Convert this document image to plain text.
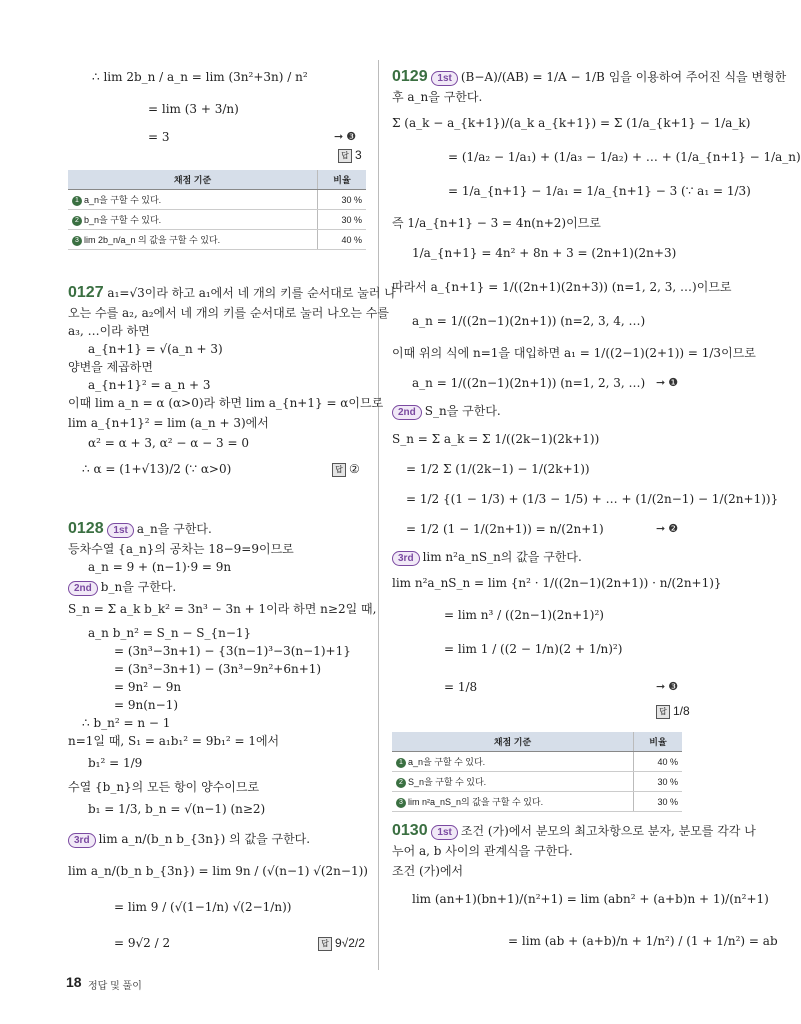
∴ lim 2b_n / a_n = lim (3n²+3n) / n²
= lim (3 + 3/n)
= 3	➞ ❸
답 3
채점 기준	비율
1 a_n을 구할 수 있다.	30 %
2 b_n을 구할 수 있다.	30 %
3 lim 2b_n/a_n 의 값을 구할 수 있다.	40 %
0127 a₁=√3이라 하고 a₁에서 네 개의 키를 순서대로 눌러 나
오는 수를 a₂, a₂에서 네 개의 키를 순서대로 눌러 나오는 수를
a₃, …이라 하면
a_{n+1} = √(a_n + 3)
양변을 제곱하면
a_{n+1}² = a_n + 3
이때 lim a_n = α (α>0)라 하면 lim a_{n+1} = α이므로
lim a_{n+1}² = lim (a_n + 3)에서
α² = α + 3, α² − α − 3 = 0
∴ α = (1+√13)/2 (∵ α>0)	답 ②
0128 1st a_n을 구한다.
등차수열 {a_n}의 공차는 18−9=9이므로
a_n = 9 + (n−1)·9 = 9n
2nd b_n을 구한다.
S_n = Σ a_k b_k² = 3n³ − 3n + 1이라 하면 n≥2일 때,
a_n b_n² = S_n − S_{n−1}
= (3n³−3n+1) − {3(n−1)³−3(n−1)+1}
= (3n³−3n+1) − (3n³−9n²+6n+1)
= 9n² − 9n
= 9n(n−1)
∴ b_n² = n − 1
n=1일 때, S₁ = a₁b₁² = 9b₁² = 1에서
b₁² = 1/9
수열 {b_n}의 모든 항이 양수이므로
b₁ = 1/3, b_n = √(n−1) (n≥2)
3rd lim a_n/(b_n b_{3n}) 의 값을 구한다.
lim a_n/(b_n b_{3n}) = lim 9n / (√(n−1) √(2n−1))
= lim 9 / (√(1−1/n) √(2−1/n))
= 9√2 / 2	답 9√2/2
0129 1st (B−A)/(AB) = 1/A − 1/B 임을 이용하여 주어진 식을 변형한
후 a_n을 구한다.
Σ (a_k − a_{k+1})/(a_k a_{k+1}) = Σ (1/a_{k+1} − 1/a_k)
= (1/a₂ − 1/a₁) + (1/a₃ − 1/a₂) + … + (1/a_{n+1} − 1/a_n)
= 1/a_{n+1} − 1/a₁ = 1/a_{n+1} − 3 (∵ a₁ = 1/3)
즉 1/a_{n+1} − 3 = 4n(n+2)이므로
1/a_{n+1} = 4n² + 8n + 3 = (2n+1)(2n+3)
따라서 a_{n+1} = 1/((2n+1)(2n+3)) (n=1, 2, 3, …)이므로
a_n = 1/((2n−1)(2n+1)) (n=2, 3, 4, …)
이때 위의 식에 n=1을 대입하면 a₁ = 1/((2−1)(2+1)) = 1/3이므로
a_n = 1/((2n−1)(2n+1)) (n=1, 2, 3, …) ➞ ❶
2nd S_n을 구한다.
S_n = Σ a_k = Σ 1/((2k−1)(2k+1))
= 1/2 Σ (1/(2k−1) − 1/(2k+1))
= 1/2 {(1 − 1/3) + (1/3 − 1/5) + … + (1/(2n−1) − 1/(2n+1))}
= 1/2 (1 − 1/(2n+1)) = n/(2n+1)	➞ ❷
3rd lim n²a_nS_n의 값을 구한다.
lim n²a_nS_n = lim {n² · 1/((2n−1)(2n+1)) · n/(2n+1)}
= lim n³ / ((2n−1)(2n+1)²)
= lim 1 / ((2 − 1/n)(2 + 1/n)²)
= 1/8	➞ ❸
답 1/8
채점 기준	비율
1 a_n을 구할 수 있다.	40 %
2 S_n을 구할 수 있다.	30 %
3 lim n²a_nS_n의 값을 구할 수 있다.	30 %
0130 1st 조건 (가)에서 분모의 최고차항으로 분자, 분모를 각각 나
누어 a, b 사이의 관계식을 구한다.
조건 (가)에서
lim (an+1)(bn+1)/(n²+1) = lim (abn² + (a+b)n + 1)/(n²+1)
= lim (ab + (a+b)/n + 1/n²) / (1 + 1/n²) = ab
18 정답 및 풀이
